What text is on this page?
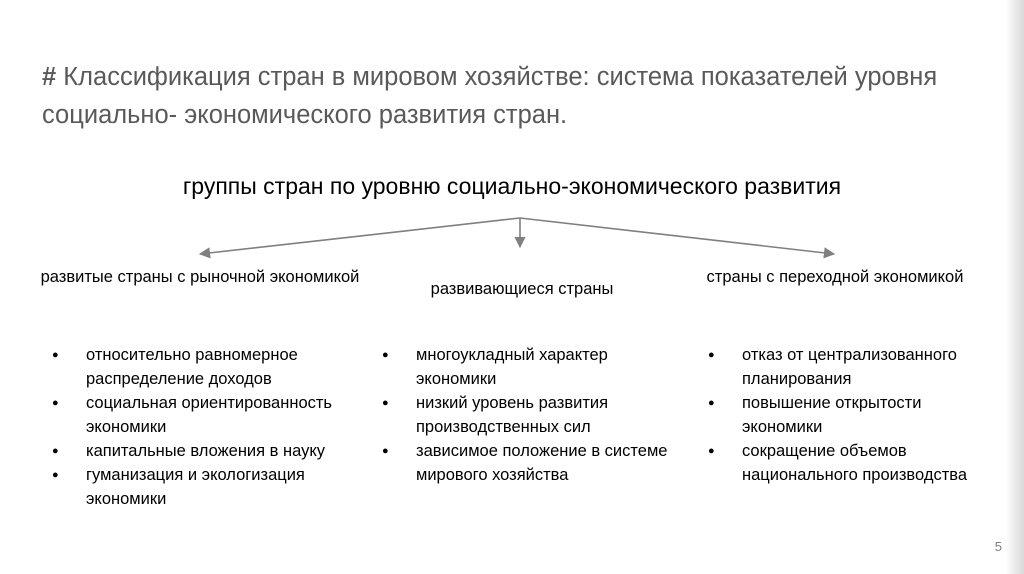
# Классификация стран в мировом хозяйстве: система показателей уровня социально- экономического развития стран.
группы стран по уровню социально-экономического развития
развитые страны с рыночной экономикой
развивающиеся страны
страны с переходной экономикой
● относительно равномерное распределение доходов
● социальная ориентированность экономики
● капитальные вложения в науку
● гуманизация и экологизация экономики
● многоукладный характер экономики
● низкий уровень развития производственных сил
● зависимое положение в системе мирового хозяйства
● отказ от централизованного планирования
● повышение открытости экономики
● сокращение объемов национального производства
5
